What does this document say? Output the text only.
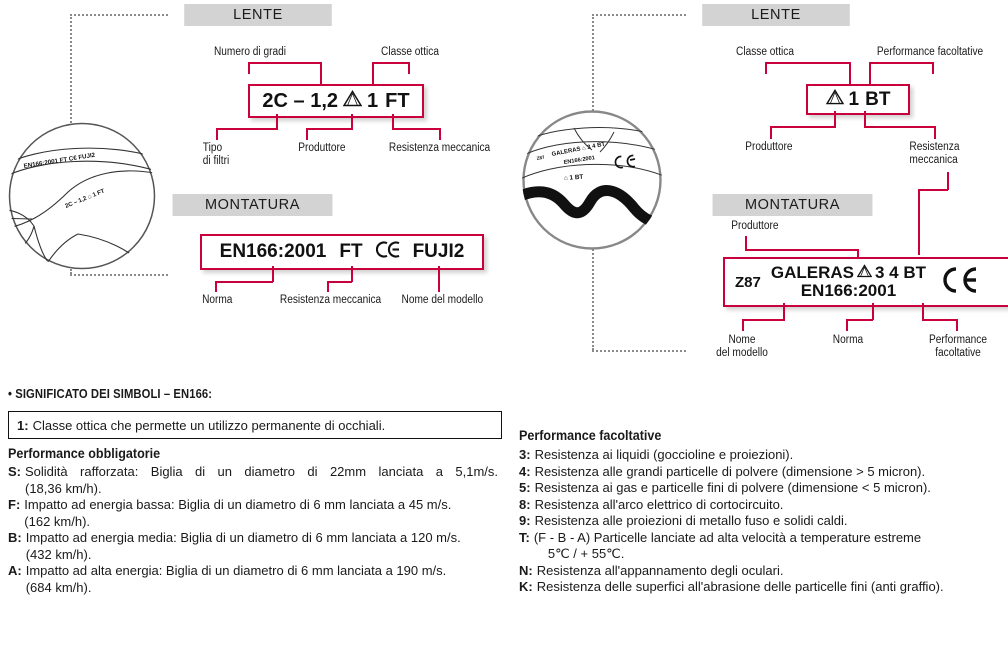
LENTE
EN166:2001 FT C€ FUJI2
2C – 1,2 ⌂ 1 FT
Numero di gradi	Classe ottica
2C – 1,2 1 FT
Tipo
di filtri
Produttore	Resistenza meccanica
MONTATURA
EN166:2001 FT	FUJI2
Norma	Resistenza meccanica Nome del modello
LENTE
Z87 GALERAS ⌂ 3 4 BT
EN166:2001
⌂ 1 BT
Classe ottica	Performance facoltative
1 BT
Produttore	Resistenza
meccanica
MONTATURA
Produttore
Z87 GALERAS 3 4 BT
EN166:2001
Nome
del modello
Norma	Performance
facoltative
• SIGNIFICATO DEI SIMBOLI – EN166:
1: Classe ottica che permette un utilizzo permanente di occhiali.
Performance obbligatorie
S: Solidità rafforzata: Biglia di un diametro di 22mm lanciata a 5,1m/s.
(18,36 km/h).
F: Impatto ad energia bassa: Biglia di un diametro di 6 mm lanciata a 45 m/s.
(162 km/h).
B: Impatto ad energia media: Biglia di un diametro di 6 mm lanciata a 120 m/s.
(432 km/h).
A: Impatto ad alta energia: Biglia di un diametro di 6 mm lanciata a 190 m/s.
(684 km/h).
Performance facoltative
3: Resistenza ai liquidi (goccioline e proiezioni).
4: Resistenza alle grandi particelle di polvere (dimensione > 5 micron).
5: Resistenza ai gas e particelle fini di polvere (dimensione < 5 micron).
8: Resistenza all'arco elettrico di cortocircuito.
9: Resistenza alle proiezioni di metallo fuso e solidi caldi.
T: (F - B - A) Particelle lanciate ad alta velocità a temperature estreme
5℃ / + 55℃.
N: Resistenza all'appannamento degli oculari.
K: Resistenza delle superfici all'abrasione delle particelle fini (anti graffio).
